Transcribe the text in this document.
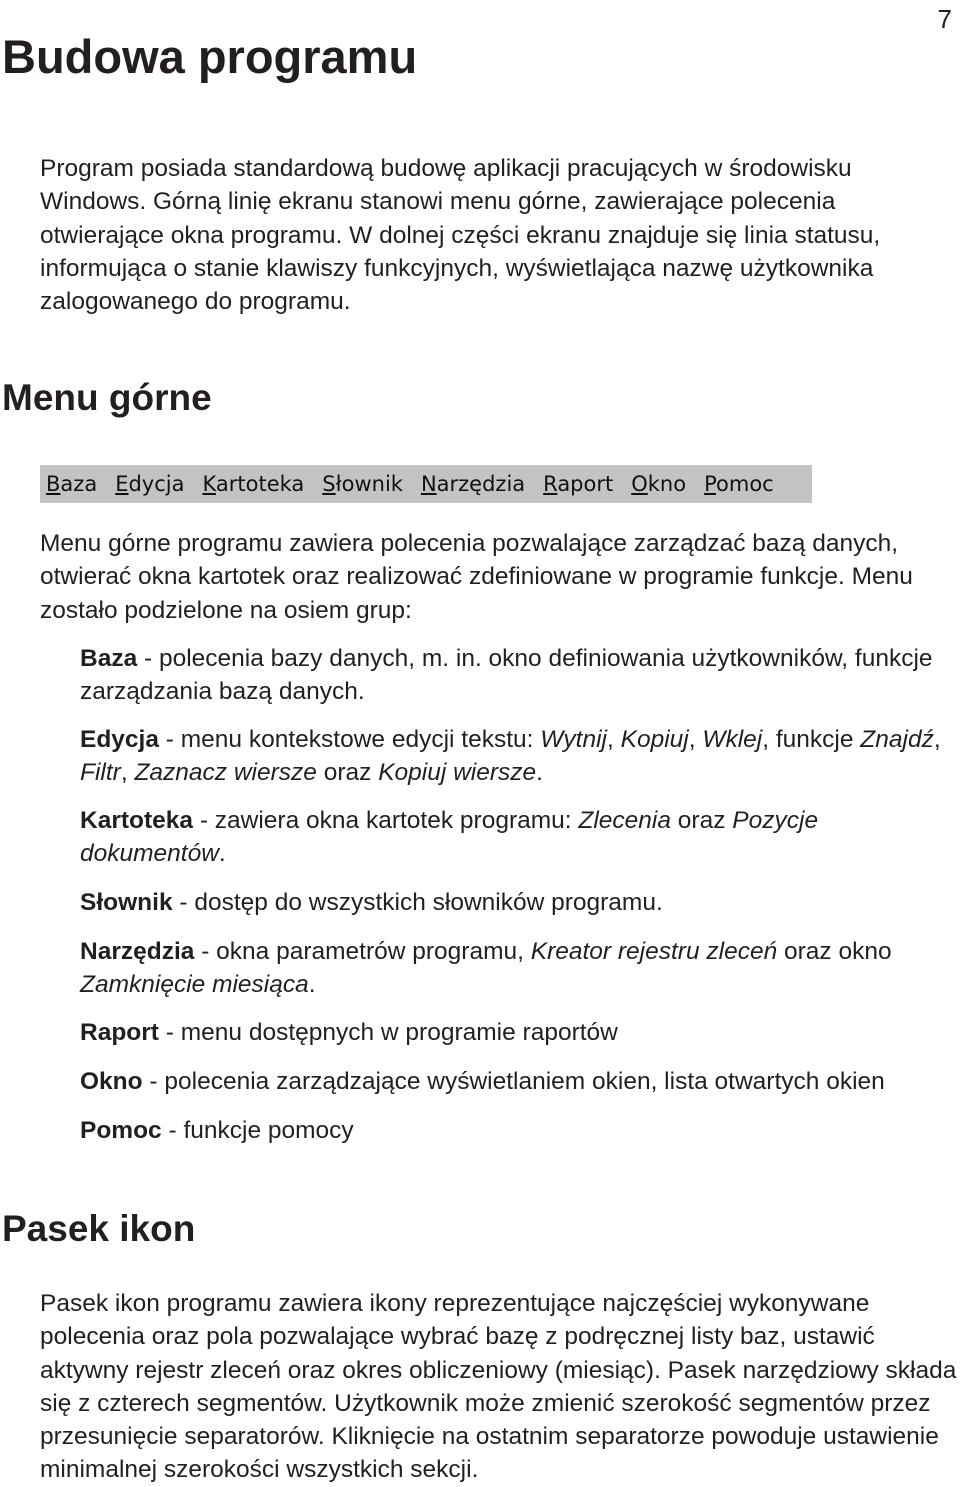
7
Budowa programu

Program posiada standardową budowę aplikacji pracujących w środowisku Windows. Górną linię ekranu stanowi menu górne, zawierające polecenia otwierające okna programu. W dolnej części ekranu znajduje się linia statusu, informująca o stanie klawiszy funkcyjnych, wyświetlająca nazwę użytkownika zalogowanego do programu.

Menu górne
Baza Edycja Kartoteka Słownik Narzędzia Raport Okno Pomoc

Menu górne programu zawiera polecenia pozwalające zarządzać bazą danych, otwierać okna kartotek oraz realizować zdefiniowane w programie funkcje. Menu zostało podzielone na osiem grup:

Baza - polecenia bazy danych, m. in. okno definiowania użytkowników, funkcje zarządzania bazą danych.

Edycja - menu kontekstowe edycji tekstu: Wytnij, Kopiuj, Wklej, funkcje Znajdź, Filtr, Zaznacz wiersze oraz Kopiuj wiersze.

Kartoteka - zawiera okna kartotek programu: Zlecenia oraz Pozycje dokumentów.

Słownik - dostęp do wszystkich słowników programu.

Narzędzia - okna parametrów programu, Kreator rejestru zleceń oraz okno Zamknięcie miesiąca.

Raport - menu dostępnych w programie raportów

Okno - polecenia zarządzające wyświetlaniem okien, lista otwartych okien

Pomoc - funkcje pomocy

Pasek ikon

Pasek ikon programu zawiera ikony reprezentujące najczęściej wykonywane polecenia oraz pola pozwalające wybrać bazę z podręcznej listy baz, ustawić aktywny rejestr zleceń oraz okres obliczeniowy (miesiąc). Pasek narzędziowy składa się z czterech segmentów. Użytkownik może zmienić szerokość segmentów przez przesunięcie separatorów. Kliknięcie na ostatnim separatorze powoduje ustawienie minimalnej szerokości wszystkich sekcji.
